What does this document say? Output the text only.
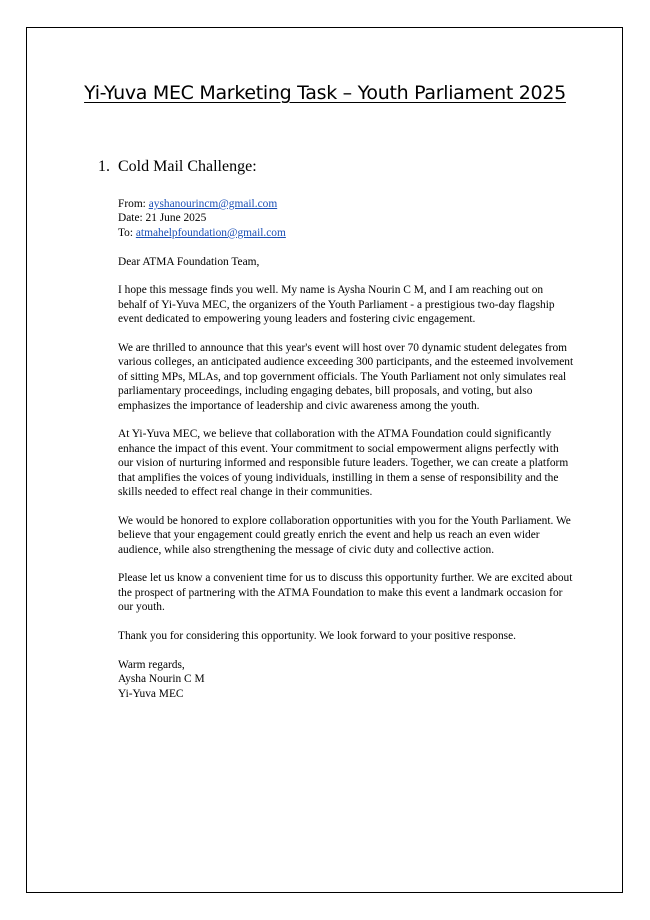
Yi-Yuva MEC Marketing Task – Youth Parliament 2025
1. Cold Mail Challenge:

From: ayshanourincm@gmail.com
Date: 21 June 2025
To: atmahelpfoundation@gmail.com

Dear ATMA Foundation Team,

I hope this message finds you well. My name is Aysha Nourin C M, and I am reaching out on behalf of Yi-Yuva MEC, the organizers of the Youth Parliament - a prestigious two-day flagship event dedicated to empowering young leaders and fostering civic engagement.

We are thrilled to announce that this year's event will host over 70 dynamic student delegates from various colleges, an anticipated audience exceeding 300 participants, and the esteemed involvement of sitting MPs, MLAs, and top government officials. The Youth Parliament not only simulates real parliamentary proceedings, including engaging debates, bill proposals, and voting, but also emphasizes the importance of leadership and civic awareness among the youth.

At Yi-Yuva MEC, we believe that collaboration with the ATMA Foundation could significantly enhance the impact of this event. Your commitment to social empowerment aligns perfectly with our vision of nurturing informed and responsible future leaders. Together, we can create a platform that amplifies the voices of young individuals, instilling in them a sense of responsibility and the skills needed to effect real change in their communities.

We would be honored to explore collaboration opportunities with you for the Youth Parliament. We believe that your engagement could greatly enrich the event and help us reach an even wider audience, while also strengthening the message of civic duty and collective action.

Please let us know a convenient time for us to discuss this opportunity further. We are excited about the prospect of partnering with the ATMA Foundation to make this event a landmark occasion for our youth.

Thank you for considering this opportunity. We look forward to your positive response.

Warm regards,
Aysha Nourin C M
Yi-Yuva MEC
